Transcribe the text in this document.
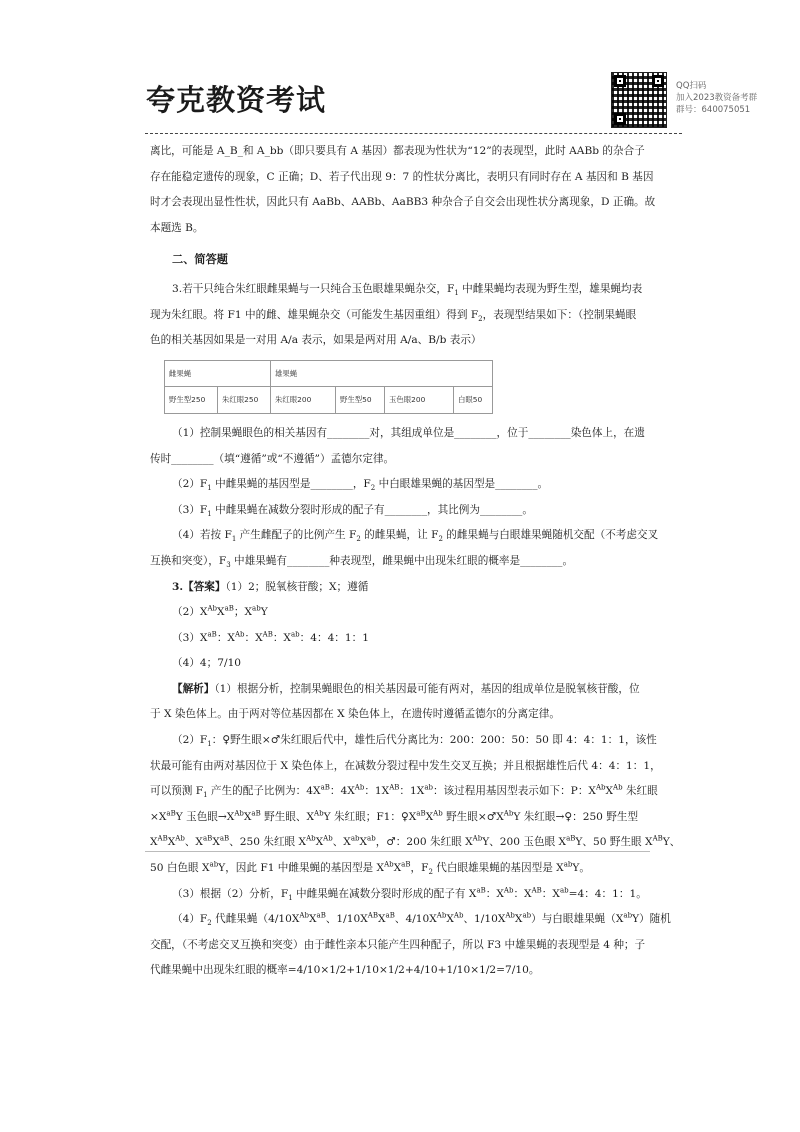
夸克教资考试	QQ扫码
加入2023教资备考群
群号：640075051

离比，可能是 A_B_和 A_bb（即只要具有 A 基因）都表现为性状为“12”的表现型，此时 AABb 的杂合子

存在能稳定遗传的现象，C 正确；D、若子代出现 9：7 的性状分离比，表明只有同时存在 A 基因和 B 基因

时才会表现出显性性状，因此只有 AaBb、AABb、AaBB3 种杂合子自交会出现性状分离现象，D 正确。故

本题选 B。

二、简答题

3.若干只纯合朱红眼雌果蝇与一只纯合玉色眼雄果蝇杂交，$F_1$ 中雌果蝇均表现为野生型，雄果蝇均表

现为朱红眼。将 F1 中的雌、雄果蝇杂交（可能发生基因重组）得到 $F_2$，表现型结果如下：（控制果蝇眼

色的相关基因如果是一对用 A/a 表示，如果是两对用 A/a、B/b 表示）

雌果蝇		雄果蝇			
野生型250	朱红眼250	朱红眼200	野生型50	玉色眼200	白眼50

（1）控制果蝇眼色的相关基因有________对，其组成单位是________，位于________染色体上，在遗

传时________（填“遵循”或“不遵循”）孟德尔定律。

$(2)F_1$ 中雌果蝇的基因型是________，$F_2$ 中白眼雄果蝇的基因型是________。

$(3)F_1$ 中雌果蝇在减数分裂时形成的配子有________，其比例为________。

（4）若按 $F_1$ 产生雌配子的比例产生 $F_2$ 的雌果蝇，让 $F_2$ 的雌果蝇与白眼雄果蝇随机交配（不考虑交叉

互换和突变），$F_3$ 中雄果蝇有________种表现型，雌果蝇中出现朱红眼的概率是________。

3.【答案】（1）2；脱氧核苷酸；X；遵循

$(2)X^{Ab}X^{aB}$；$X^{ab}Y$

$(3)X^{aB}$：$X^{Ab}$：$X^{AB}$：$X^{ab}$：4：4：1：1

（4）4；7/10

【解析】（1）根据分析，控制果蝇眼色的相关基因最可能有两对，基因的组成单位是脱氧核苷酸，位

于 X 染色体上。由于两对等位基因都在 X 染色体上，在遗传时遵循孟德尔的分离定律。

$(2)F_1$：♀野生眼×♂朱红眼后代中，雄性后代分离比为：200：200：50：50 即 4：4：1：1，该性

状最可能有由两对基因位于 X 染色体上，在减数分裂过程中发生交叉互换；并且根据雄性后代 4：4：1：1，

可以预测 $F_1$ 产生的配子比例为：$4X^{aB}$：$4X^{Ab}$：$1X^{AB}$：$1X^{ab}$：该过程用基因型表示如下：P：$X^{Ab}X^{Ab}$ 朱红眼

$\times X^{aB}Y$ 玉色眼$\to X^{Ab}X^{aB}$ 野生眼、$X^{Ab}Y$ 朱红眼；F1：$♀X^{aB}X^{Ab}$ 野生眼$\times♂X^{Ab}Y$ 朱红眼→♀：250 野生型

$X^{AB}X^{Ab}$、$X^{aB}X^{aB}$、250 朱红眼 $X^{Ab}X^{Ab}$、$X^{ab}X^{ab}$，♂：200 朱红眼 $X^{Ab}Y$、200 玉色眼 $X^{aB}Y$、50 野生眼 $X^{AB}Y$、

50 白色眼 $X^{ab}Y$，因此 F1 中雌果蝇的基因型是 $X^{Ab}X^{aB}$，$F_2$ 代白眼雄果蝇的基因型是 $X^{ab}Y$。

（3）根据（2）分析，$F_1$ 中雌果蝇在减数分裂时形成的配子有 $X^{aB}$：$X^{Ab}$：$X^{AB}$：$X^{ab}=4$：4：1：1。

$(4)F_2$ 代雌果蝇（$4/10X^{Ab}X^{aB}$、$1/10X^{AB}X^{aB}$、$4/10X^{Ab}X^{Ab}$、$1/10X^{Ab}X^{ab}$）与白眼雄果蝇$(X^{ab}Y)$随机

交配，（不考虑交叉互换和突变）由于雌性亲本只能产生四种配子，所以 F3 中雄果蝇的表现型是 4 种；子

代雌果蝇中出现朱红眼的概率=4/10×1/2+1/10×1/2+4/10+1/10×1/2=7/10。
